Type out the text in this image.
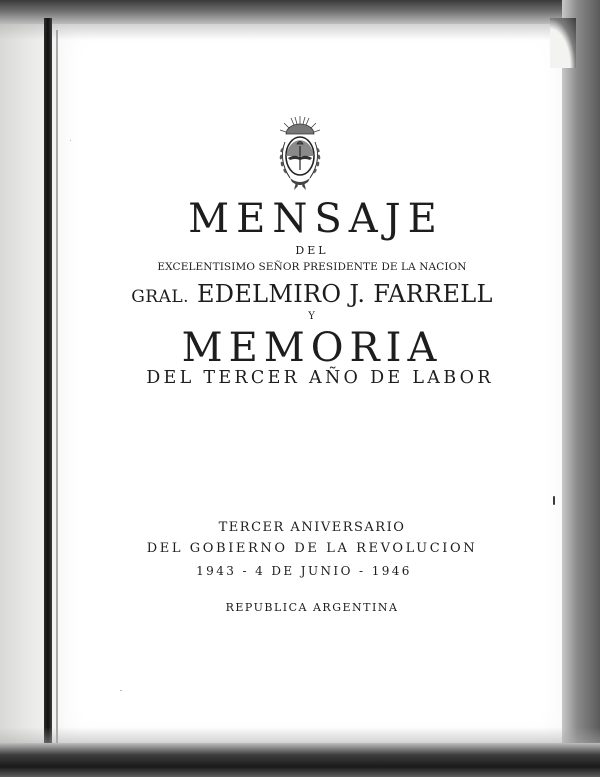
MENSAJE
DEL
EXCELENTISIMO SEÑOR PRESIDENTE DE LA NACION
GRAL. EDELMIRO J. FARRELL
Y
MEMORIA
DEL TERCER AÑO DE LABOR
TERCER ANIVERSARIO
DEL GOBIERNO DE LA REVOLUCION
1943 - 4 DE JUNIO - 1946
REPUBLICA ARGENTINA
